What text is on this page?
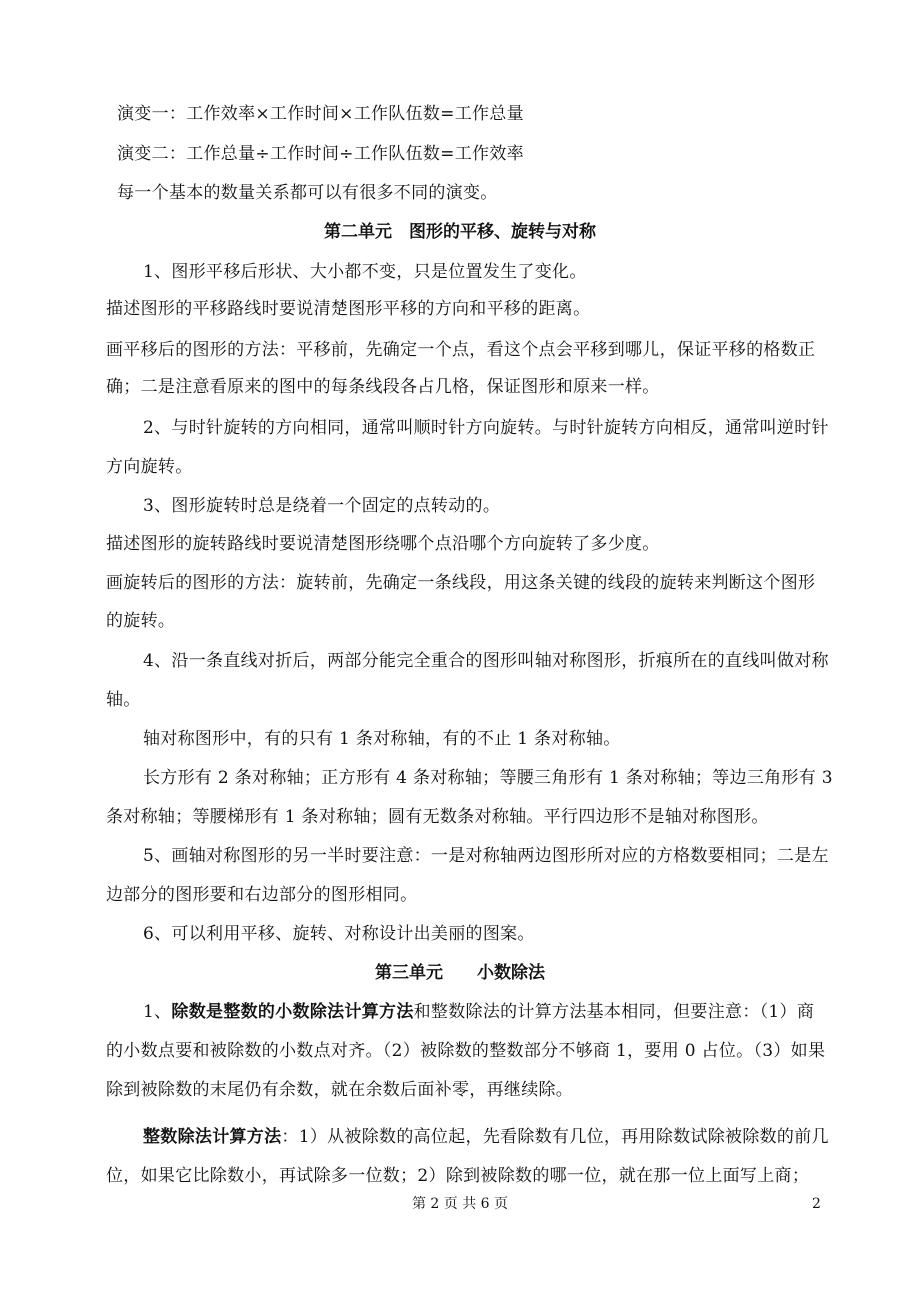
演变一：工作效率×工作时间×工作队伍数=工作总量
演变二：工作总量÷工作时间÷工作队伍数=工作效率
每一个基本的数量关系都可以有很多不同的演变。
第二单元　图形的平移、旋转与对称
1、图形平移后形状、大小都不变，只是位置发生了变化。
描述图形的平移路线时要说清楚图形平移的方向和平移的距离。
画平移后的图形的方法：平移前，先确定一个点，看这个点会平移到哪儿，保证平移的格数正
确；二是注意看原来的图中的每条线段各占几格，保证图形和原来一样。
2、与时针旋转的方向相同，通常叫顺时针方向旋转。与时针旋转方向相反，通常叫逆时针
方向旋转。
3、图形旋转时总是绕着一个固定的点转动的。
描述图形的旋转路线时要说清楚图形绕哪个点沿哪个方向旋转了多少度。
画旋转后的图形的方法：旋转前，先确定一条线段，用这条关键的线段的旋转来判断这个图形
的旋转。
4、沿一条直线对折后，两部分能完全重合的图形叫轴对称图形，折痕所在的直线叫做对称
轴。
轴对称图形中，有的只有 1 条对称轴，有的不止 1 条对称轴。
长方形有 2 条对称轴；正方形有 4 条对称轴；等腰三角形有 1 条对称轴；等边三角形有 3
条对称轴；等腰梯形有 1 条对称轴；圆有无数条对称轴。平行四边形不是轴对称图形。
5、画轴对称图形的另一半时要注意：一是对称轴两边图形所对应的方格数要相同；二是左
边部分的图形要和右边部分的图形相同。
6、可以利用平移、旋转、对称设计出美丽的图案。
第三单元　　小数除法
1、除数是整数的小数除法计算方法和整数除法的计算方法基本相同，但要注意：（1）商
的小数点要和被除数的小数点对齐。（2）被除数的整数部分不够商 1，要用 0 占位。（3）如果
除到被除数的末尾仍有余数，就在余数后面补零，再继续除。
整数除法计算方法：1）从被除数的高位起，先看除数有几位，再用除数试除被除数的前几
位，如果它比除数小，再试除多一位数；2）除到被除数的哪一位，就在那一位上面写上商；
第 2 页 共 6 页	2
